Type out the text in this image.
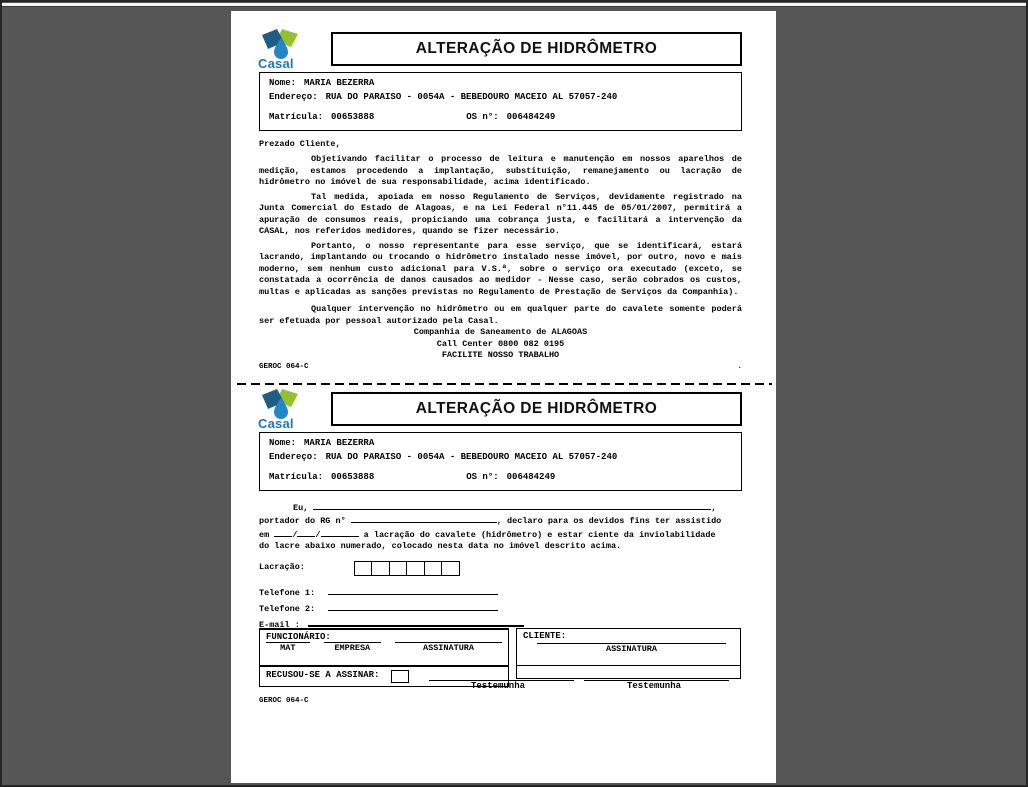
Casal
ALTERAÇÃO DE HIDRÔMETRO
Nome: MARIA BEZERRA
Endereço: RUA DO PARAISO - 0054A - BEBEDOURO MACEIO AL 57057-240
Matrícula: 00653888	OS n°: 006484249
Prezado Cliente,

Objetivando facilitar o processo de leitura e manutenção em nossos aparelhos de medição, estamos procedendo a implantação, substituição, remanejamento ou lacração de hidrômetro no imóvel de sua responsabilidade, acima identificado.

Tal medida, apoiada em nosso Regulamento de Serviços, devidamente registrado na Junta Comercial do Estado de Alagoas, e na Lei Federal n°11.445 de 05/01/2007, permitirá a apuração de consumos reais, propiciando uma cobrança justa, e facilitará a intervenção da CASAL, nos referidos medidores, quando se fizer necessário.

Portanto, o nosso representante para esse serviço, que se identificará, estará lacrando, implantando ou trocando o hidrômetro instalado nesse imóvel, por outro, novo e mais moderno, sem nenhum custo adicional para V.S.ª, sobre o serviço ora executado (exceto, se constatada a ocorrência de danos causados ao medidor - Nesse caso, serão cobrados os custos, multas e aplicadas as sanções previstas no Regulamento de Prestação de Serviços da Companhia).

Qualquer intervenção no hidrômetro ou em qualquer parte do cavalete somente poderá ser efetuada por pessoal autorizado pela Casal.

Companhia de Saneamento de ALAGOAS
Call Center 0800 082 0195
FACILITE NOSSO TRABALHO
GEROC 064-C	.
Casal
ALTERAÇÃO DE HIDRÔMETRO
Nome: MARIA BEZERRA
Endereço: RUA DO PARAISO - 0054A - BEBEDOURO MACEIO AL 57057-240
Matrícula: 00653888	OS n°: 006484249
Eu,	,
portador do RG n°	, declaro para os devidos fins ter assistido
em	/ /	a lacração do cavalete (hidrômetro) e estar ciente da inviolabilidade
do lacre abaixo numerado, colocado nesta data no imóvel descrito acima.
Lacração:
Telefone 1:
Telefone 2:
E-mail :
FUNCIONÁRIO:
MAT	EMPRESA	ASSINATURA
CLIENTE:
ASSINATURA
RECUSOU-SE A ASSINAR:
Testemunha	Testemunha
GEROC 064-C
